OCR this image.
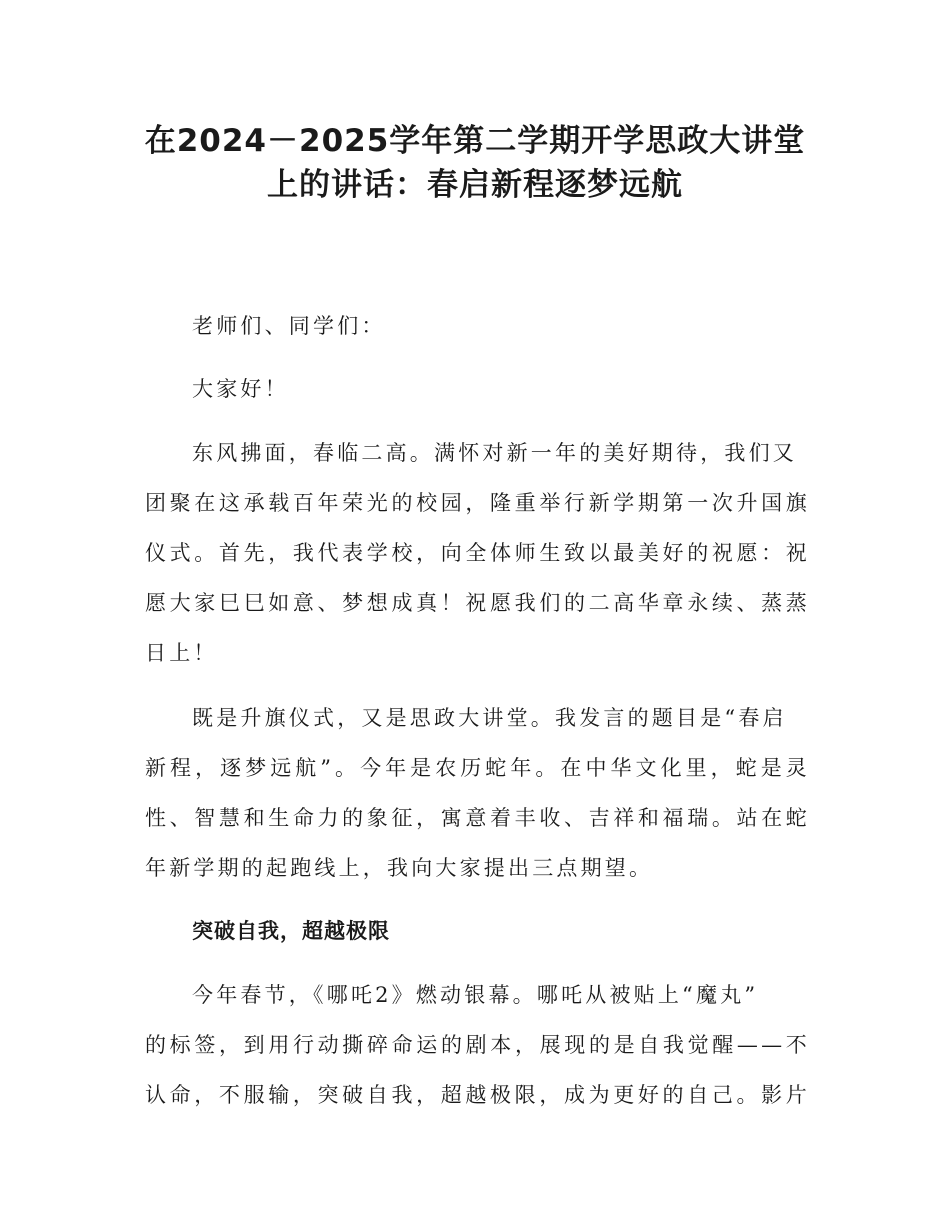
在2024－2025学年第二学期开学思政大讲堂
上的讲话：春启新程逐梦远航

老师们、同学们：

大家好！

东风拂面，春临二高。满怀对新一年的美好期待，我们又

团聚在这承载百年荣光的校园，隆重举行新学期第一次升国旗

仪式。首先，我代表学校，向全体师生致以最美好的祝愿：祝

愿大家巳巳如意、梦想成真！祝愿我们的二高华章永续、蒸蒸

日上！

既是升旗仪式，又是思政大讲堂。我发言的题目是“春启

新程，逐梦远航”。今年是农历蛇年。在中华文化里，蛇是灵

性、智慧和生命力的象征，寓意着丰收、吉祥和福瑞。站在蛇

年新学期的起跑线上，我向大家提出三点期望。

突破自我，超越极限

今年春节，《哪吒2》燃动银幕。哪吒从被贴上“魔丸”

的标签，到用行动撕碎命运的剧本，展现的是自我觉醒——不

认命，不服输，突破自我，超越极限，成为更好的自己。影片
